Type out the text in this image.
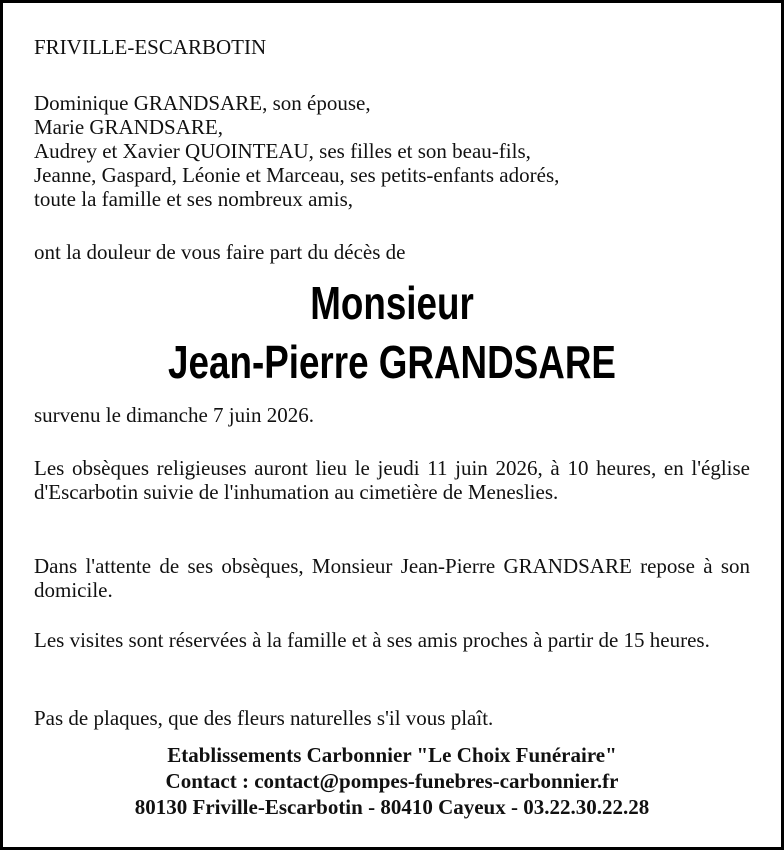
FRIVILLE-ESCARBOTIN

Dominique GRANDSARE, son épouse,
Marie GRANDSARE,
Audrey et Xavier QUOINTEAU, ses filles et son beau-fils,
Jeanne, Gaspard, Léonie et Marceau, ses petits-enfants adorés,
toute la famille et ses nombreux amis,

ont la douleur de vous faire part du décès de

Monsieur
Jean-Pierre GRANDSARE

survenu le dimanche 7 juin 2026.

Les obsèques religieuses auront lieu le jeudi 11 juin 2026, à 10 heures, en l'église d'Escarbotin suivie de l'inhumation au cimetière de Meneslies.

Dans l'attente de ses obsèques, Monsieur Jean-Pierre GRANDSARE repose à son domicile.

Les visites sont réservées à la famille et à ses amis proches à partir de 15 heures.

Pas de plaques, que des fleurs naturelles s'il vous plaît.

Etablissements Carbonnier "Le Choix Funéraire"
Contact : contact@pompes-funebres-carbonnier.fr
80130 Friville-Escarbotin - 80410 Cayeux - 03.22.30.22.28
